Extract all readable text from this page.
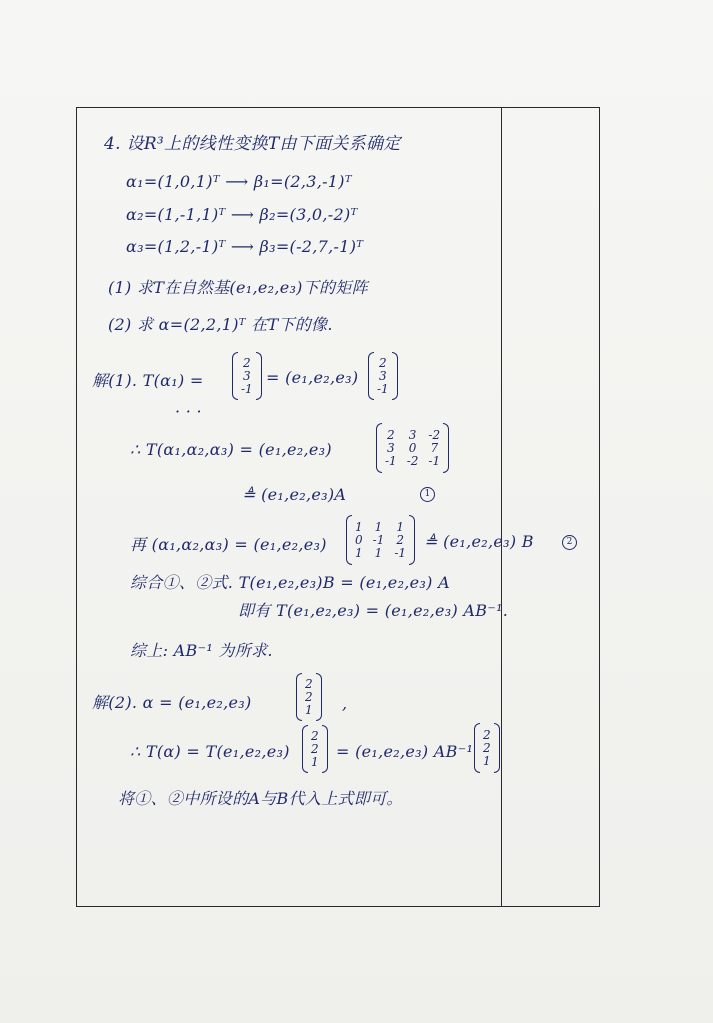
4. 设R³上的线性变换T由下面关系确定
α₁=(1,0,1)ᵀ ⟶ β₁=(2,3,-1)ᵀ
α₂=(1,-1,1)ᵀ ⟶ β₂=(3,0,-2)ᵀ
α₃=(1,2,-1)ᵀ ⟶ β₃=(-2,7,-1)ᵀ
(1) 求T在自然基(e₁,e₂,e₃)下的矩阵
(2) 求 α=(2,2,1)ᵀ 在T下的像.
解(1). T(α₁) =
2
3
-1
= (e₁,e₂,e₃)
2
3
-1
· · ·
∴ T(α₁,α₂,α₃) = (e₁,e₂,e₃)
2 3 -2
3 0 7
-1 -2 -1
≜ (e₁,e₂,e₃)A	1
再 (α₁,α₂,α₃) = (e₁,e₂,e₃)
1 1 1
0 -1 2
1 1 -1
≜ (e₁,e₂,e₃) B	2
综合①、②式. T(e₁,e₂,e₃)B = (e₁,e₂,e₃) A
即有 T(e₁,e₂,e₃) = (e₁,e₂,e₃) AB⁻¹.
综上: AB⁻¹ 为所求.
解(2). α = (e₁,e₂,e₃)
2
2
1 ,
∴ T(α) = T(e₁,e₂,e₃)
2
2
1
= (e₁,e₂,e₃) AB⁻¹
2
2
1
将①、②中所设的A与B代入上式即可。
